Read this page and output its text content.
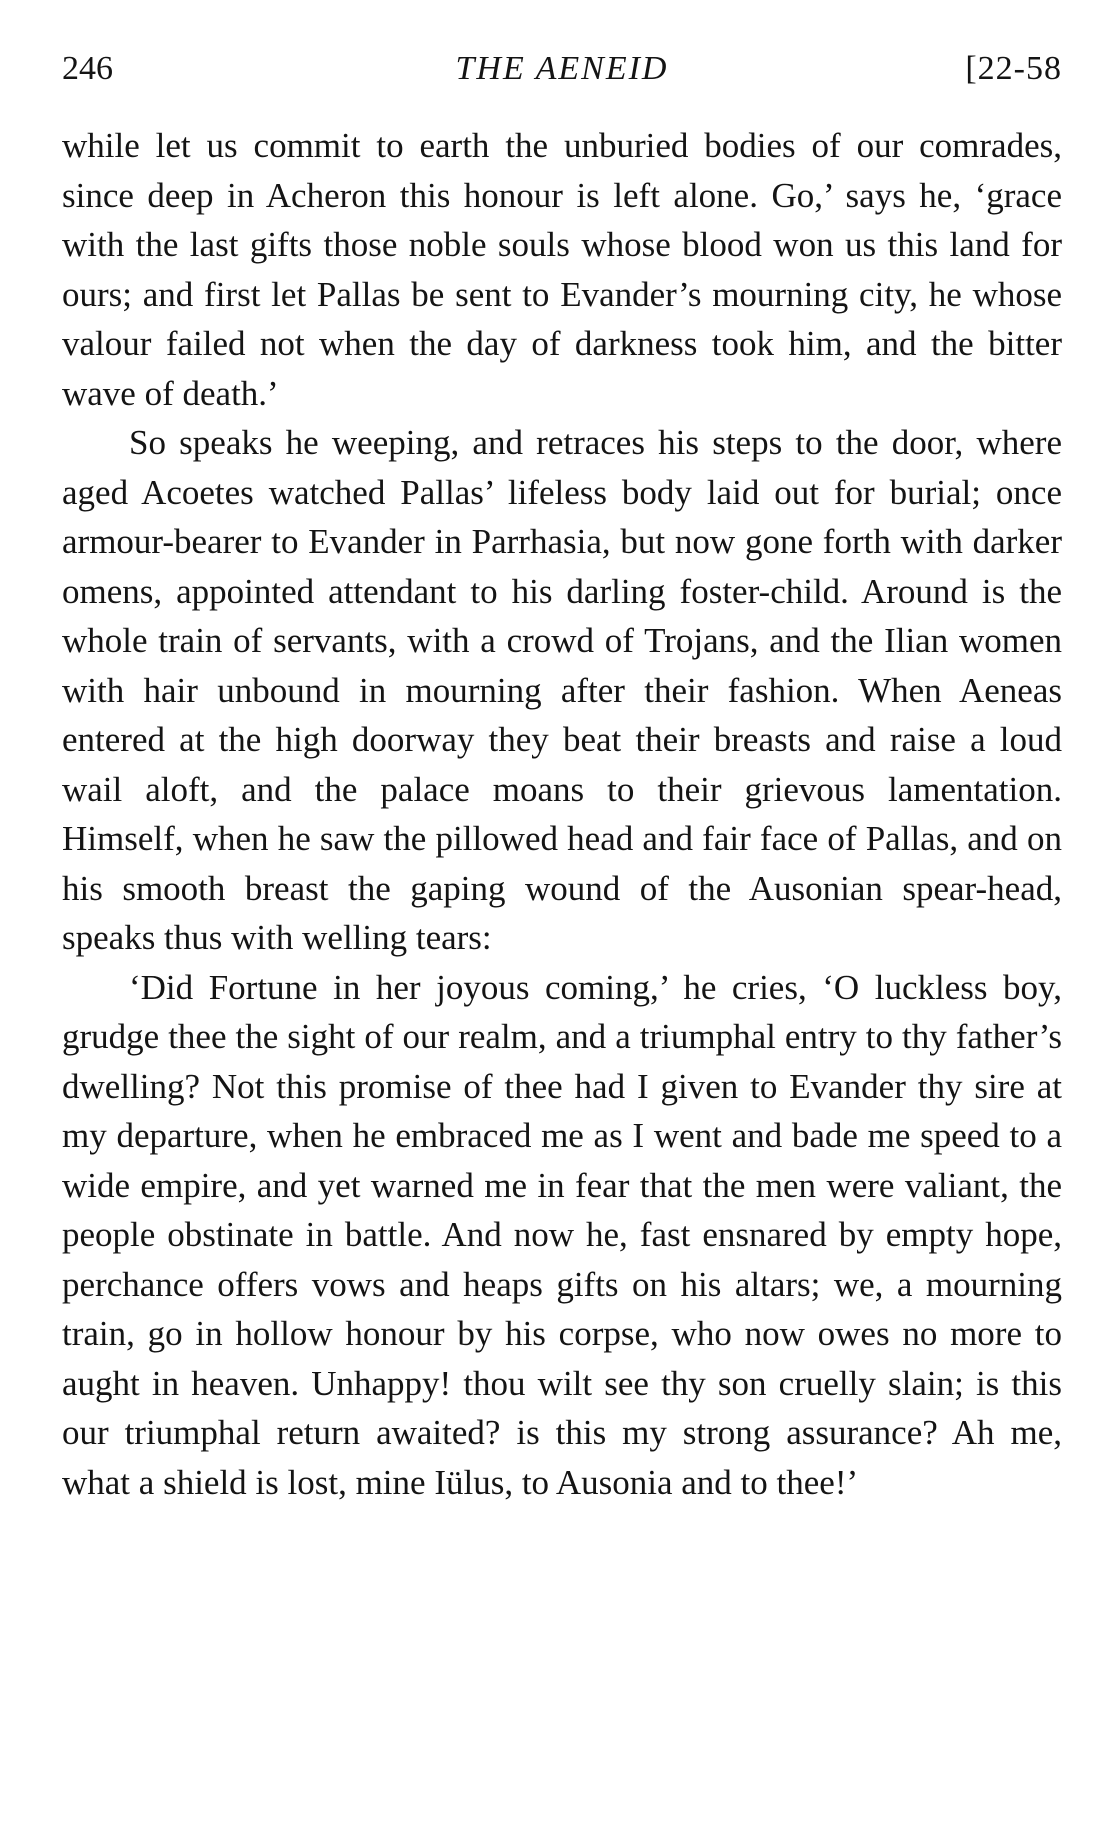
246	THE AENEID	[22-58

while let us commit to earth the unburied bodies of our comrades, since deep in Acheron this honour is left alone. Go,’ says he, ‘grace with the last gifts those noble souls whose blood won us this land for ours; and first let Pallas be sent to Evander’s mourning city, he whose valour failed not when the day of darkness took him, and the bitter wave of death.’

So speaks he weeping, and retraces his steps to the door, where aged Acoetes watched Pallas’ lifeless body laid out for burial; once armour-bearer to Evander in Parrhasia, but now gone forth with darker omens, appointed attendant to his darling foster-child. Around is the whole train of servants, with a crowd of Trojans, and the Ilian women with hair unbound in mourning after their fashion. When Aeneas entered at the high doorway they beat their breasts and raise a loud wail aloft, and the palace moans to their grievous lamentation. Himself, when he saw the pillowed head and fair face of Pallas, and on his smooth breast the gaping wound of the Ausonian spear-head, speaks thus with welling tears:

‘Did Fortune in her joyous coming,’ he cries, ‘O luckless boy, grudge thee the sight of our realm, and a triumphal entry to thy father’s dwelling? Not this promise of thee had I given to Evander thy sire at my departure, when he embraced me as I went and bade me speed to a wide empire, and yet warned me in fear that the men were valiant, the people obstinate in battle. And now he, fast ensnared by empty hope, perchance offers vows and heaps gifts on his altars; we, a mourning train, go in hollow honour by his corpse, who now owes no more to aught in heaven. Unhappy! thou wilt see thy son cruelly slain; is this our triumphal return awaited? is this my strong assurance? Ah me, what a shield is lost, mine Iülus, to Ausonia and to thee!’
